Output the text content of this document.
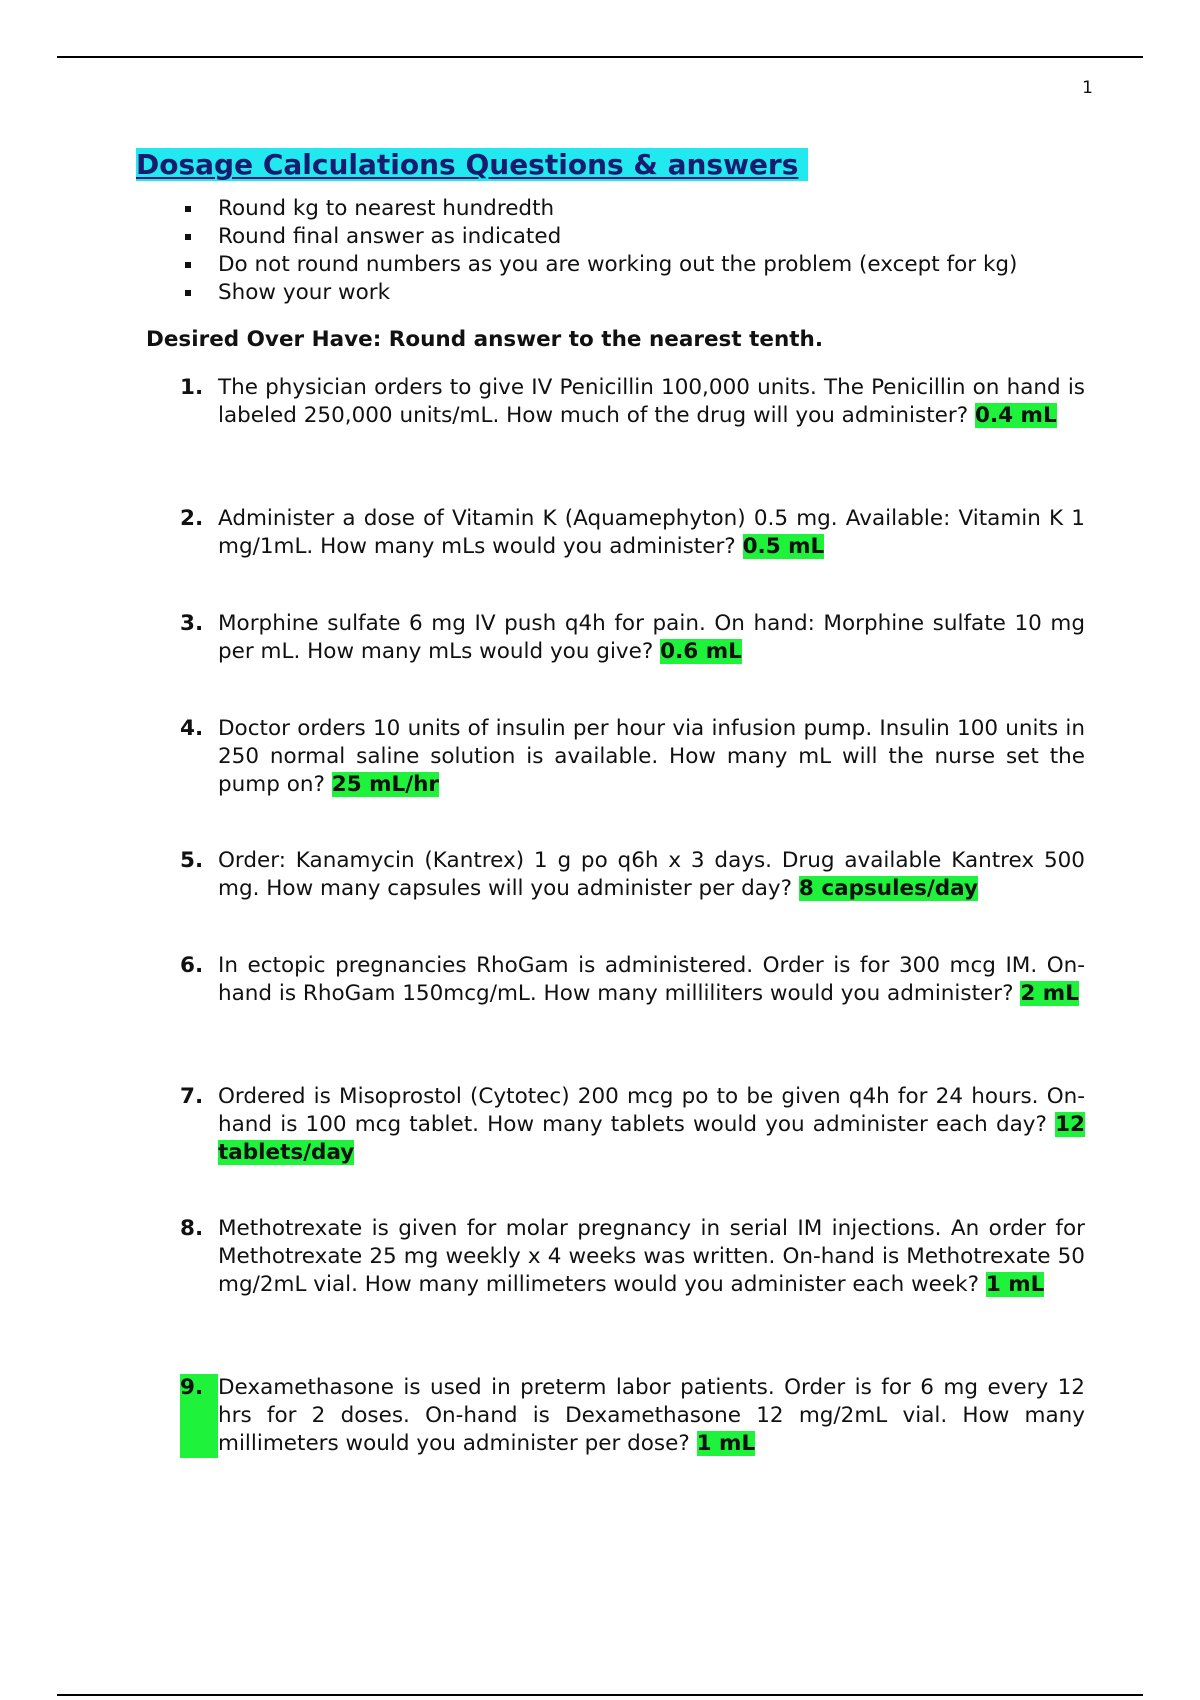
1
Dosage Calculations Questions & answers
Round kg to nearest hundredth
Round final answer as indicated
Do not round numbers as you are working out the problem (except for kg)
Show your work
Desired Over Have: Round answer to the nearest tenth.
1. The physician orders to give IV Penicillin 100,000 units. The Penicillin on hand is labeled 250,000 units/mL. How much of the drug will you administer? 0.4 mL
2. Administer a dose of Vitamin K (Aquamephyton) 0.5 mg. Available: Vitamin K 1 mg/1mL. How many mLs would you administer? 0.5 mL
3. Morphine sulfate 6 mg IV push q4h for pain. On hand: Morphine sulfate 10 mg per mL. How many mLs would you give? 0.6 mL
4. Doctor orders 10 units of insulin per hour via infusion pump. Insulin 100 units in 250 normal saline solution is available. How many mL will the nurse set the pump on? 25 mL/hr
5. Order: Kanamycin (Kantrex) 1 g po q6h x 3 days. Drug available Kantrex 500 mg. How many capsules will you administer per day? 8 capsules/day
6. In ectopic pregnancies RhoGam is administered. Order is for 300 mcg IM. On-hand is RhoGam 150mcg/mL. How many milliliters would you administer? 2 mL
7. Ordered is Misoprostol (Cytotec) 200 mcg po to be given q4h for 24 hours. On-hand is 100 mcg tablet. How many tablets would you administer each day? 12 tablets/day
8. Methotrexate is given for molar pregnancy in serial IM injections. An order for Methotrexate 25 mg weekly x 4 weeks was written. On-hand is Methotrexate 50 mg/2mL vial. How many millimeters would you administer each week? 1 mL
9. Dexamethasone is used in preterm labor patients. Order is for 6 mg every 12 hrs for 2 doses. On-hand is Dexamethasone 12 mg/2mL vial. How many millimeters would you administer per dose? 1 mL
